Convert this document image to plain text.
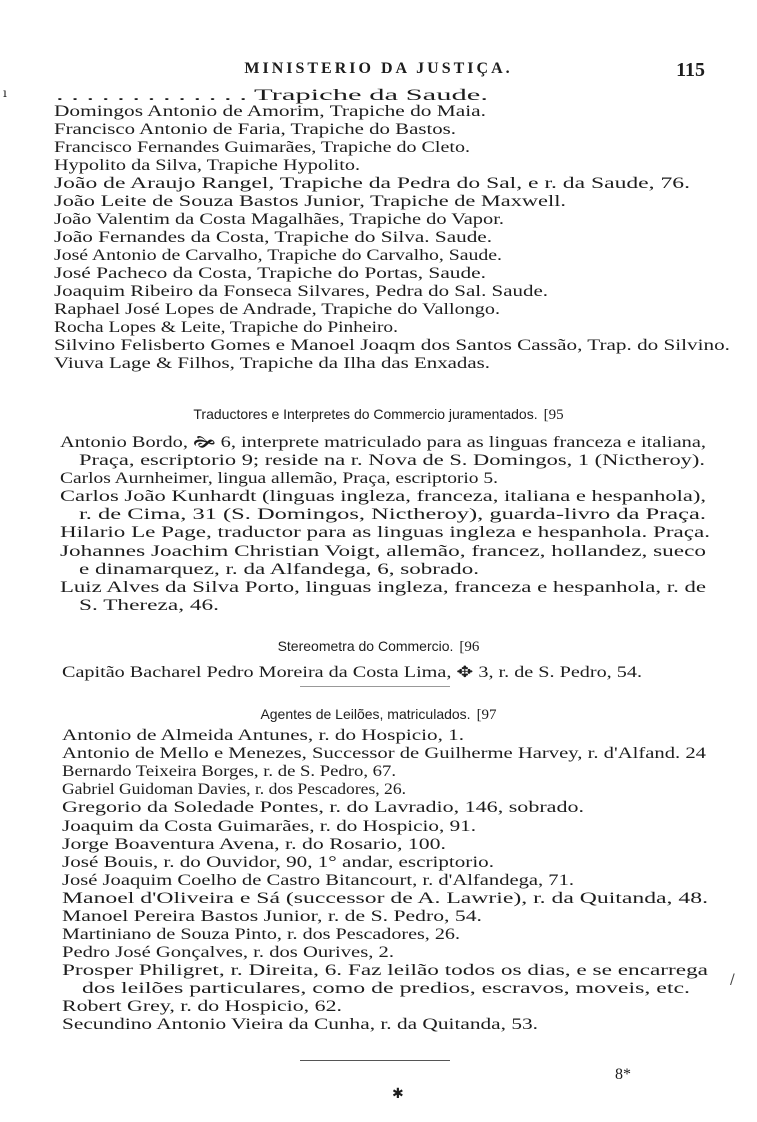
MINISTERIO DA JUSTIÇA.	115
ı	. . . . . . . . . . . . . Trapiche da Saude.
Domingos Antonio de Amorim, Trapiche do Maia.
Francisco Antonio de Faria, Trapiche do Bastos.
Francisco Fernandes Guimarães, Trapiche do Cleto.
Hypolito da Silva, Trapiche Hypolito.
João de Araujo Rangel, Trapiche da Pedra do Sal, e r. da Saude, 76.
João Leite de Souza Bastos Junior, Trapiche de Maxwell.
João Valentim da Costa Magalhães, Trapiche do Vapor.
João Fernandes da Costa, Trapiche do Silva. Saude.
José Antonio de Carvalho, Trapiche do Carvalho, Saude.
José Pacheco da Costa, Trapiche do Portas, Saude.
Joaquim Ribeiro da Fonseca Silvares, Pedra do Sal. Saude.
Raphael José Lopes de Andrade, Trapiche do Vallongo.
Rocha Lopes & Leite, Trapiche do Pinheiro.
Silvino Felisberto Gomes e Manoel Joaqm dos Santos Cassão, Trap. do Silvino.
Viuva Lage & Filhos, Trapiche da Ilha das Enxadas.
Traductores e Interpretes do Commercio juramentados. [95
Antonio Bordo, 🙞 6, interprete matriculado para as linguas franceza e italiana,
Praça, escriptorio 9; reside na r. Nova de S. Domingos, 1 (Nictheroy).
Carlos Aurnheimer, lingua allemão, Praça, escriptorio 5.
Carlos João Kunhardt (linguas ingleza, franceza, italiana e hespanhola),
r. de Cima, 31 (S. Domingos, Nictheroy), guarda-livro da Praça.
Hilario Le Page, traductor para as linguas ingleza e hespanhola. Praça.
Johannes Joachim Christian Voigt, allemão, francez, hollandez, sueco
e dinamarquez, r. da Alfandega, 6, sobrado.
Luiz Alves da Silva Porto, linguas ingleza, franceza e hespanhola, r. de
S. Thereza, 46.
Stereometra do Commercio. [96
Capitão Bacharel Pedro Moreira da Costa Lima, ✥ 3, r. de S. Pedro, 54.
Agentes de Leilões, matriculados. [97
Antonio de Almeida Antunes, r. do Hospicio, 1.
Antonio de Mello e Menezes, Successor de Guilherme Harvey, r. d'Alfand. 24
Bernardo Teixeira Borges, r. de S. Pedro, 67.
Gabriel Guidoman Davies, r. dos Pescadores, 26.
Gregorio da Soledade Pontes, r. do Lavradio, 146, sobrado.
Joaquim da Costa Guimarães, r. do Hospicio, 91.
Jorge Boaventura Avena, r. do Rosario, 100.
José Bouis, r. do Ouvidor, 90, 1° andar, escriptorio.
José Joaquim Coelho de Castro Bitancourt, r. d'Alfandega, 71.
Manoel d'Oliveira e Sá (successor de A. Lawrie), r. da Quitanda, 48.
Manoel Pereira Bastos Junior, r. de S. Pedro, 54.
Martiniano de Souza Pinto, r. dos Pescadores, 26.
Pedro José Gonçalves, r. dos Ourives, 2.
Prosper Philigret, r. Direita, 6. Faz leilão todos os dias, e se encarrega
dos leilões particulares, como de predios, escravos, moveis, etc.
Robert Grey, r. do Hospicio, 62.
Secundino Antonio Vieira da Cunha, r. da Quitanda, 53.
8*
✱
/
